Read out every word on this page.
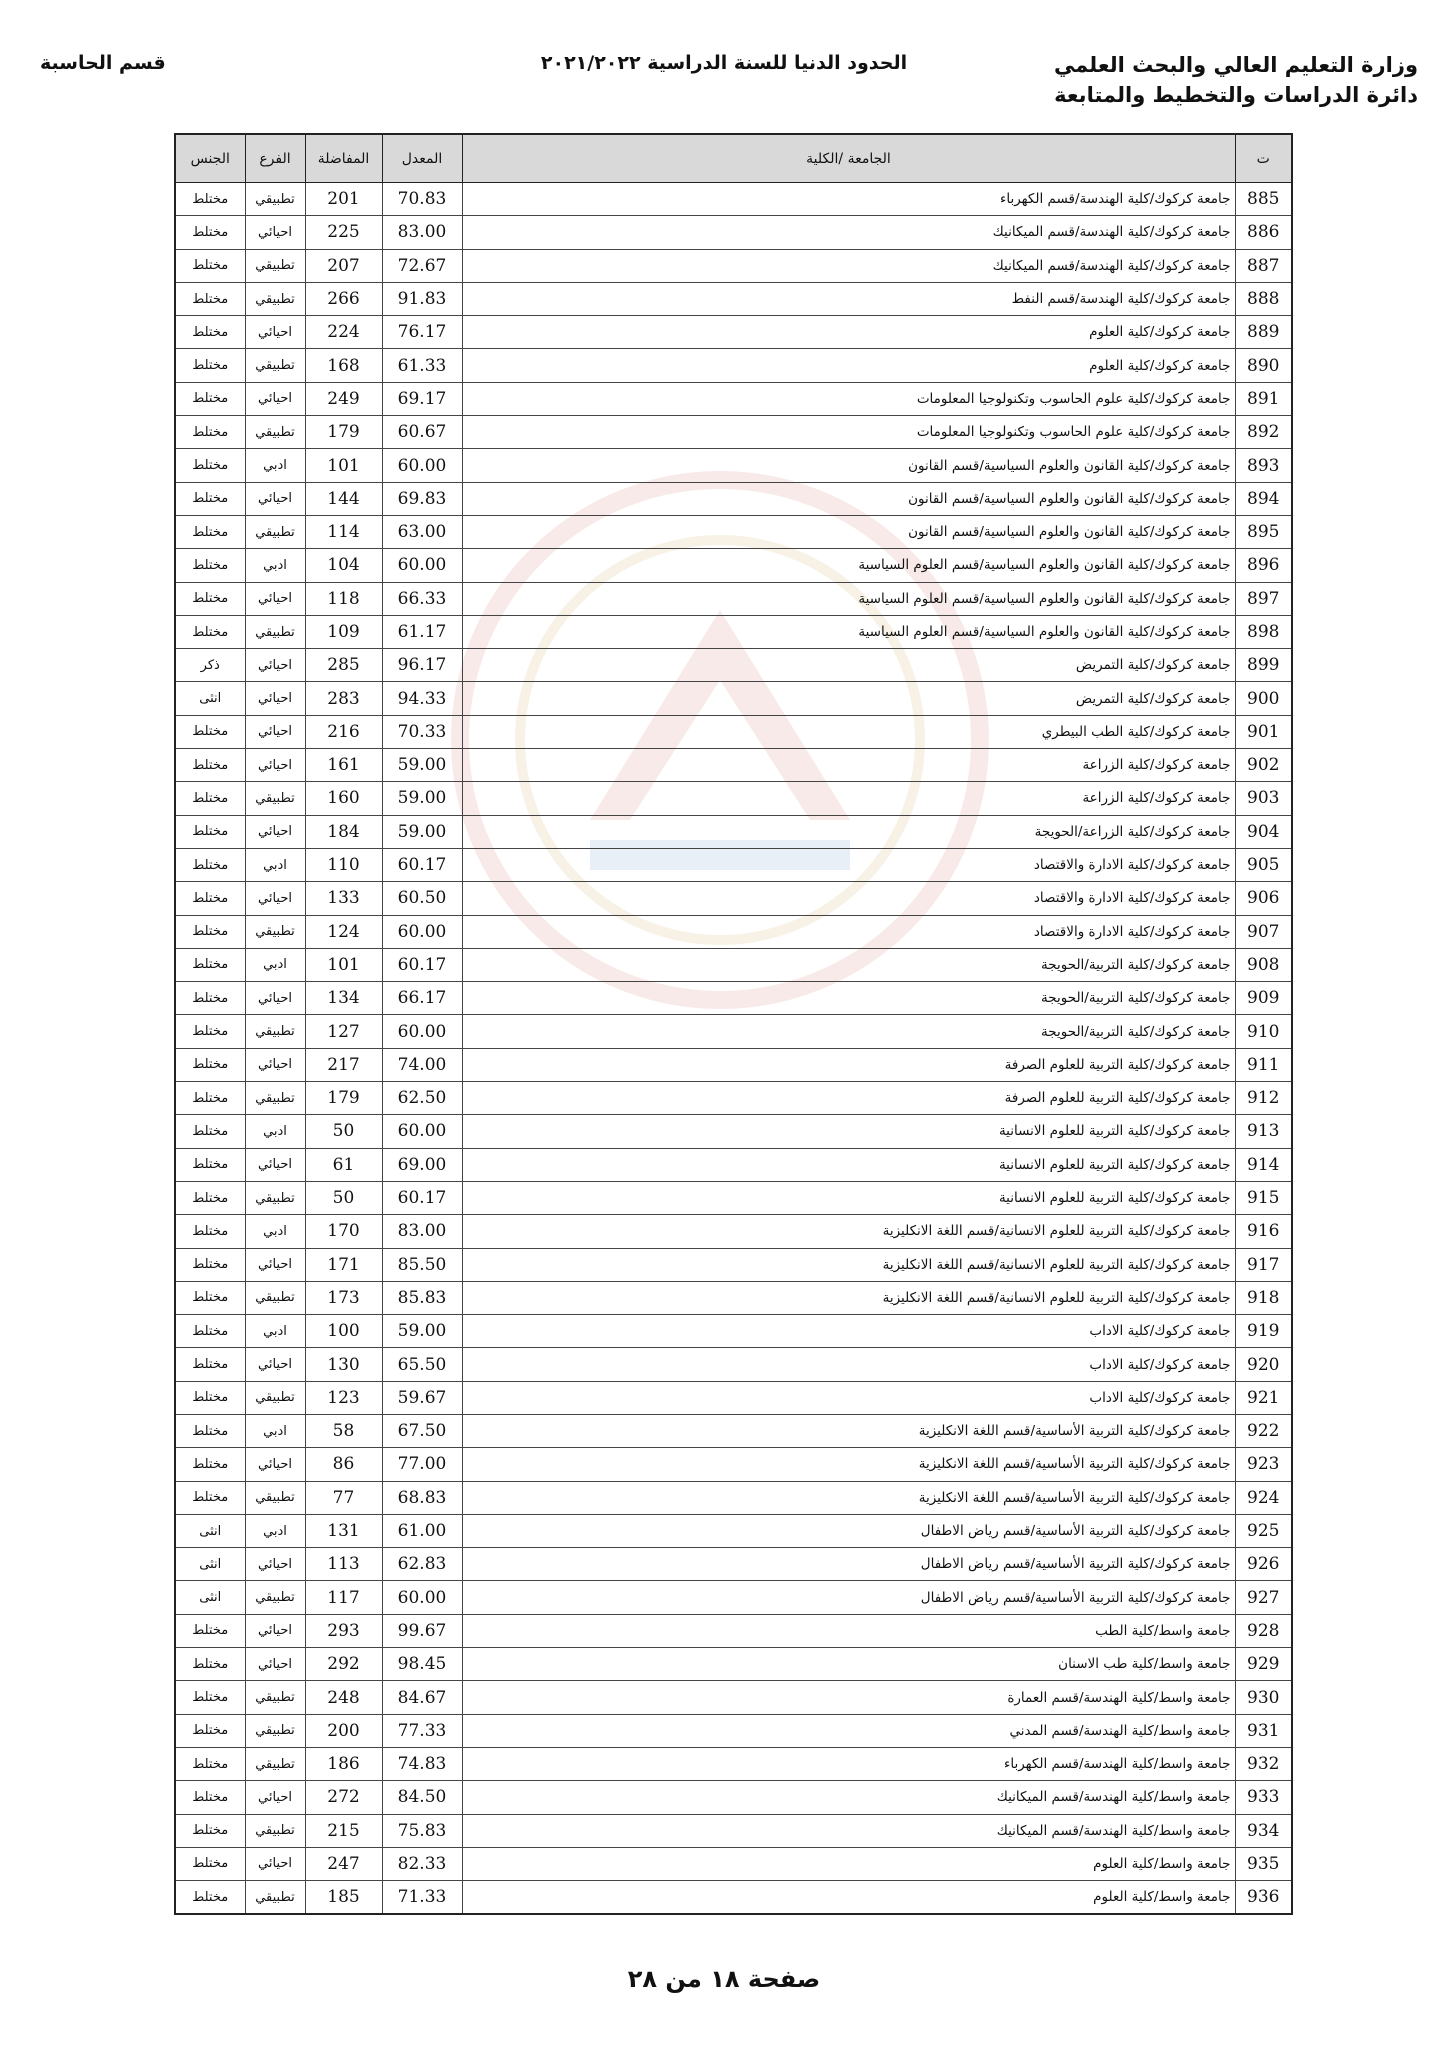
وزارة التعليم العالي والبحث العلمي
دائرة الدراسات والتخطيط والمتابعة
الحدود الدنيا للسنة الدراسية ٢٠٢١/٢٠٢٢
قسم الحاسبة
ت	الجامعة /الكلية	المعدل	المفاضلة	الفرع	الجنس
885	جامعة كركوك/كلية الهندسة/قسم الكهرباء	70.83	201	تطبيقي	مختلط
886	جامعة كركوك/كلية الهندسة/قسم الميكانيك	83.00	225	احيائي	مختلط
887	جامعة كركوك/كلية الهندسة/قسم الميكانيك	72.67	207	تطبيقي	مختلط
888	جامعة كركوك/كلية الهندسة/قسم النفط	91.83	266	تطبيقي	مختلط
889	جامعة كركوك/كلية العلوم	76.17	224	احيائي	مختلط
890	جامعة كركوك/كلية العلوم	61.33	168	تطبيقي	مختلط
891	جامعة كركوك/كلية علوم الحاسوب وتكنولوجيا المعلومات	69.17	249	احيائي	مختلط
892	جامعة كركوك/كلية علوم الحاسوب وتكنولوجيا المعلومات	60.67	179	تطبيقي	مختلط
893	جامعة كركوك/كلية القانون والعلوم السياسية/قسم القانون	60.00	101	ادبي	مختلط
894	جامعة كركوك/كلية القانون والعلوم السياسية/قسم القانون	69.83	144	احيائي	مختلط
895	جامعة كركوك/كلية القانون والعلوم السياسية/قسم القانون	63.00	114	تطبيقي	مختلط
896	جامعة كركوك/كلية القانون والعلوم السياسية/قسم العلوم السياسية	60.00	104	ادبي	مختلط
897	جامعة كركوك/كلية القانون والعلوم السياسية/قسم العلوم السياسية	66.33	118	احيائي	مختلط
898	جامعة كركوك/كلية القانون والعلوم السياسية/قسم العلوم السياسية	61.17	109	تطبيقي	مختلط
899	جامعة كركوك/كلية التمريض	96.17	285	احيائي	ذكر
900	جامعة كركوك/كلية التمريض	94.33	283	احيائي	انثى
901	جامعة كركوك/كلية الطب البيطري	70.33	216	احيائي	مختلط
902	جامعة كركوك/كلية الزراعة	59.00	161	احيائي	مختلط
903	جامعة كركوك/كلية الزراعة	59.00	160	تطبيقي	مختلط
904	جامعة كركوك/كلية الزراعة/الحويجة	59.00	184	احيائي	مختلط
905	جامعة كركوك/كلية الادارة والاقتصاد	60.17	110	ادبي	مختلط
906	جامعة كركوك/كلية الادارة والاقتصاد	60.50	133	احيائي	مختلط
907	جامعة كركوك/كلية الادارة والاقتصاد	60.00	124	تطبيقي	مختلط
908	جامعة كركوك/كلية التربية/الحويجة	60.17	101	ادبي	مختلط
909	جامعة كركوك/كلية التربية/الحويجة	66.17	134	احيائي	مختلط
910	جامعة كركوك/كلية التربية/الحويجة	60.00	127	تطبيقي	مختلط
911	جامعة كركوك/كلية التربية للعلوم الصرفة	74.00	217	احيائي	مختلط
912	جامعة كركوك/كلية التربية للعلوم الصرفة	62.50	179	تطبيقي	مختلط
913	جامعة كركوك/كلية التربية للعلوم الانسانية	60.00	50	ادبي	مختلط
914	جامعة كركوك/كلية التربية للعلوم الانسانية	69.00	61	احيائي	مختلط
915	جامعة كركوك/كلية التربية للعلوم الانسانية	60.17	50	تطبيقي	مختلط
916	جامعة كركوك/كلية التربية للعلوم الانسانية/قسم اللغة الانكليزية	83.00	170	ادبي	مختلط
917	جامعة كركوك/كلية التربية للعلوم الانسانية/قسم اللغة الانكليزية	85.50	171	احيائي	مختلط
918	جامعة كركوك/كلية التربية للعلوم الانسانية/قسم اللغة الانكليزية	85.83	173	تطبيقي	مختلط
919	جامعة كركوك/كلية الاداب	59.00	100	ادبي	مختلط
920	جامعة كركوك/كلية الاداب	65.50	130	احيائي	مختلط
921	جامعة كركوك/كلية الاداب	59.67	123	تطبيقي	مختلط
922	جامعة كركوك/كلية التربية الأساسية/قسم اللغة الانكليزية	67.50	58	ادبي	مختلط
923	جامعة كركوك/كلية التربية الأساسية/قسم اللغة الانكليزية	77.00	86	احيائي	مختلط
924	جامعة كركوك/كلية التربية الأساسية/قسم اللغة الانكليزية	68.83	77	تطبيقي	مختلط
925	جامعة كركوك/كلية التربية الأساسية/قسم رياض الاطفال	61.00	131	ادبي	انثى
926	جامعة كركوك/كلية التربية الأساسية/قسم رياض الاطفال	62.83	113	احيائي	انثى
927	جامعة كركوك/كلية التربية الأساسية/قسم رياض الاطفال	60.00	117	تطبيقي	انثى
928	جامعة واسط/كلية الطب	99.67	293	احيائي	مختلط
929	جامعة واسط/كلية طب الاسنان	98.45	292	احيائي	مختلط
930	جامعة واسط/كلية الهندسة/قسم العمارة	84.67	248	تطبيقي	مختلط
931	جامعة واسط/كلية الهندسة/قسم المدني	77.33	200	تطبيقي	مختلط
932	جامعة واسط/كلية الهندسة/قسم الكهرباء	74.83	186	تطبيقي	مختلط
933	جامعة واسط/كلية الهندسة/قسم الميكانيك	84.50	272	احيائي	مختلط
934	جامعة واسط/كلية الهندسة/قسم الميكانيك	75.83	215	تطبيقي	مختلط
935	جامعة واسط/كلية العلوم	82.33	247	احيائي	مختلط
936	جامعة واسط/كلية العلوم	71.33	185	تطبيقي	مختلط
صفحة ١٨ من ٢٨
